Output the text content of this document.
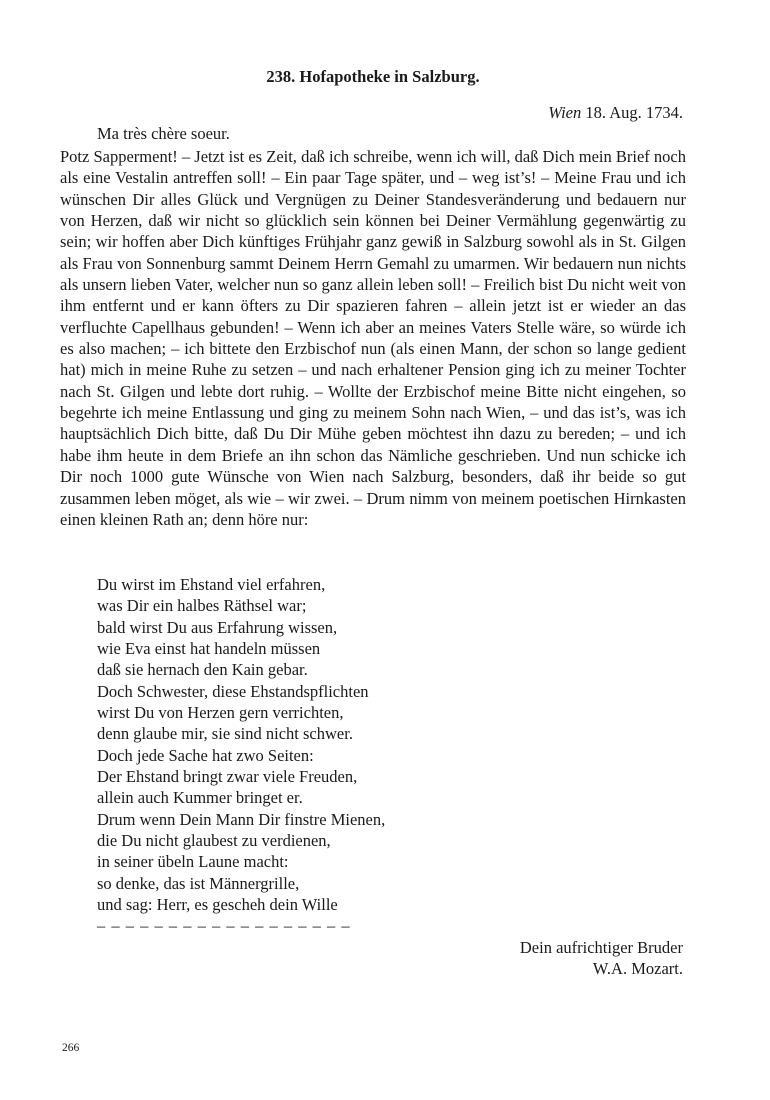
238. Hofapotheke in Salzburg.
Wien 18. Aug. 1734.
Ma très chère soeur.

Potz Sapperment! – Jetzt ist es Zeit, daß ich schreibe, wenn ich will, daß Dich mein Brief noch als eine Vestalin antreffen soll! – Ein paar Tage später, und – weg ist’s! – Meine Frau und ich wünschen Dir alles Glück und Vergnügen zu Deiner Standesveränderung und bedauern nur von Herzen, daß wir nicht so glücklich sein können bei Deiner Vermählung gegenwärtig zu sein; wir hoffen aber Dich künftiges Frühjahr ganz gewiß in Salzburg sowohl als in St. Gilgen als Frau von Sonnenburg sammt Deinem Herrn Gemahl zu umarmen. Wir bedauern nun nichts als unsern lieben Vater, welcher nun so ganz allein leben soll! – Freilich bist Du nicht weit von ihm entfernt und er kann öfters zu Dir spazieren fahren – allein jetzt ist er wieder an das verfluchte Capellhaus gebunden! – Wenn ich aber an meines Vaters Stelle wäre, so würde ich es also machen; – ich bittete den Erzbischof nun (als einen Mann, der schon so lange gedient hat) mich in meine Ruhe zu setzen – und nach erhaltener Pension ging ich zu meiner Tochter nach St. Gilgen und lebte dort ruhig. – Wollte der Erzbischof meine Bitte nicht eingehen, so begehrte ich meine Entlassung und ging zu meinem Sohn nach Wien, – und das ist’s, was ich hauptsächlich Dich bitte, daß Du Dir Mühe geben möchtest ihn dazu zu bereden; – und ich habe ihm heute in dem Briefe an ihn schon das Nämliche geschrieben. Und nun schicke ich Dir noch 1000 gute Wünsche von Wien nach Salzburg, besonders, daß ihr beide so gut zusammen leben möget, als wie – wir zwei. – Drum nimm von meinem poetischen Hirnkasten einen kleinen Rath an; denn höre nur:

Du wirst im Ehstand viel erfahren,
was Dir ein halbes Räthsel war;
bald wirst Du aus Erfahrung wissen,
wie Eva einst hat handeln müssen
daß sie hernach den Kain gebar.
Doch Schwester, diese Ehstandspflichten
wirst Du von Herzen gern verrichten,
denn glaube mir, sie sind nicht schwer.
Doch jede Sache hat zwo Seiten:
Der Ehstand bringt zwar viele Freuden,
allein auch Kummer bringet er.
Drum wenn Dein Mann Dir finstre Mienen,
die Du nicht glaubest zu verdienen,
in seiner übeln Laune macht:
so denke, das ist Männergrille,
und sag: Herr, es gescheh dein Wille
– – – – – – – – – – – – – – – – – –
Dein aufrichtiger Bruder
W.A. Mozart.
266
